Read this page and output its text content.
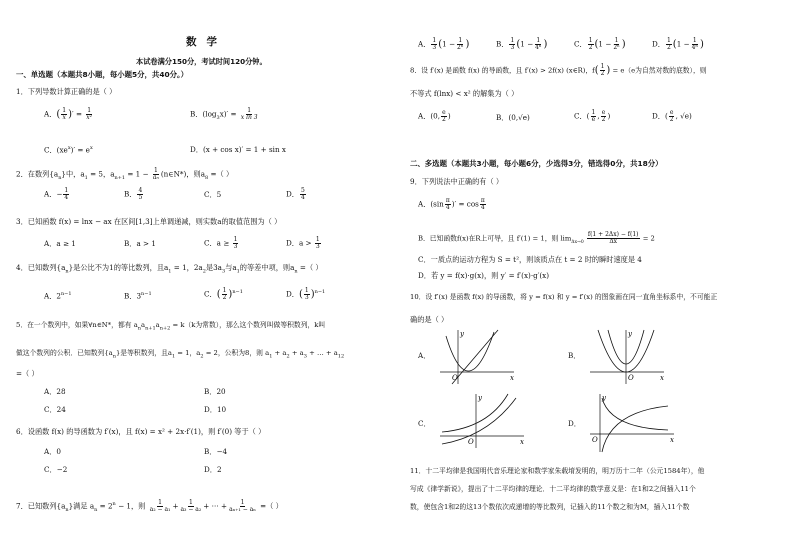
数学
本试卷满分150分，考试时间120分钟。
一、单选题（本题共8小题，每小题5分，共40分。）
1．下列导数计算正确的是（ ）
A．( $\frac{1}{x}$ )′ = $\frac{1}{\text{x²}}$	B．$(\log_3x)' = \frac{1}{\text{x ln 3}}$
C．$(xe^x)' = e^x$	D．(x + cos x)′ = 1 + sin x
2．在数列$\{a_n\}$中，$a_1 = 5$，$a_{n+1} = 1 - \frac{1}{\text{aₙ}}$ (n∈N*)，则$a_8$ =（ ）
A．− $\frac{1}{4}$	B． $\frac{4}{5}$	C．5	D． $\frac{5}{4}$
3．已知函数 f(x) = lnx − ax 在区间[1,3]上单调递减，则实数a的取值范围为（ ）
A．a ≥ 1	B．a > 1	C．$a \ge \frac{1}{3}$	D．$a > \frac{1}{3}$
4．已知数列$\{a_n\}$是公比不为1的等比数列，且$a_1 = 1$，$2a_2$是$3a_3$与$a_1$的等差中项，则$a_n$ =（ ）
A．$2^{n-1}$	B．$3^{n-1}$	C．( $\frac{1}{2} )^{n-1}$	D．( $\frac{1}{3} )^{n-1}$
5．在一个数列中，如果∀n∈N*，都有 $a_na_{n+1}a_{n+2} = k(k$为常数），那么这个数列叫做等积数列，k叫
做这个数列的公积．已知数列$\{a_n\}$是等积数列，且$a_1 = 1$，$a_2 = 2$，公积为8，则 $a_1 + a_2 + a_3$ + … + $a_{12}$
=（ ）
A．28	B．20
C．24	D．10
6．设函数 f(x) 的导函数为 f′(x)，且 f(x) = x² + 2x·f′(1)，则 f′(0) 等于（ ）
A．0	B．−4
C．−2	D．2
7．已知数列$\{a_n\}$满足 $a_n = 2^n - 1$，则 $\frac{1}{\text{a₂ − a₁}} + \frac{1}{\text{a₃ − a₂}}$ + ⋯ + $\frac{1}{\text{aₙ₊₁ − aₙ}}$ =（ ）
A． $\frac{1}{3} (1 - \frac{1}{\text{2ⁿ}}$ )	B． $\frac{1}{3} (1 - \frac{1}{\text{4ⁿ}}$ )	C． $\frac{1}{2} (1 - \frac{1}{\text{2ⁿ}}$ )	D． $\frac{1}{2} (1 - \frac{1}{\text{4ⁿ}}$ )
8．设 f′(x) 是函数 f(x) 的导函数，且 f′(x) > 2f(x) (x∈R)，$f( \frac{1}{2}$ ) = e（e为自然对数的底数），则
不等式 f(lnx) < x² 的解集为（ ）
A．(0, $\frac{e}{2}$ )	B．(0,√e)	C．( $\frac{1}{e}$ , $\frac{e}{2}$ )	D．( $\frac{e}{2}$ , √e)
二、多选题（本题共3小题，每小题6分，少选得3分，错选得0分，共18分）
9．下列说法中正确的有（ ）
A．($\sin \frac{\pi}{4}$ )′ = $\cos \frac{\pi}{4}$
B．已知函数f(x)在R上可导，且 f′(1) = 1，则 $\lim_{\Delta x\to 0} \frac{f(1 + 2\Delta x) - f(1)}{\Delta x} = 2$
C．一质点的运动方程为 S = t²，则该质点在 t = 2 时的瞬时速度是 4
D．若 y = f(x)·g(x)，则 y′ = f′(x)·g′(x)
10．设 f′(x) 是函数 f(x) 的导函数，将 y = f(x) 和 y = f′(x) 的图象画在同一直角坐标系中，不可能正
确的是（ ）
A．	B．
C．	D．
x
y
O	x
y
O
x
y
O	x
y
O
11．十二平均律是我国明代音乐理论家和数学家朱载堉发明的，明万历十二年（公元1584年），他
写成《律学新说》，提出了十二平均律的理论．十二平均律的数学意义是：在1和2之间插入11个
数，使包含1和2的这13个数依次成递增的等比数列，记插入的11个数之和为M，插入11个数
